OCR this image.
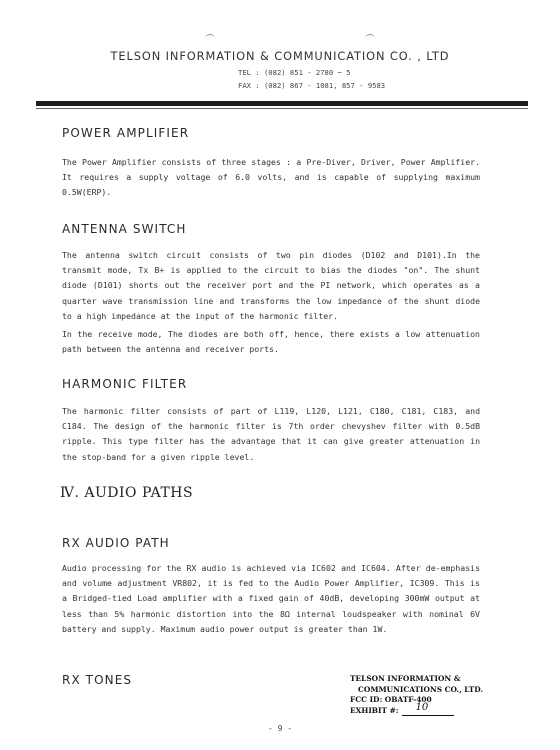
TELSON INFORMATION & COMMUNICATION CO. , LTD
TEL : (082) 851 - 2780 ~ 5
FAX : (082) 867 - 1081, 857 - 9583
POWER AMPLIFIER
The Power Amplifier consists of three stages : a Pre-Diver, Driver, Power Amplifier. It requires a supply voltage of 6.0 volts, and is capable of supplying maximum 0.5W(ERP).
ANTENNA SWITCH
The antenna switch circuit consists of two pin diodes (D102 and D101).In the transmit mode, Tx B+ is applied to the circuit to bias the diodes "on". The shunt diode (D101) shorts out the receiver port and the PI network, which operates as a quarter wave transmission line and transforms the low impedance of the shunt diode to a high impedance at the input of the harmonic filter.
In the receive mode, The diodes are both off, hence, there exists a low attenuation path between the antenna and receiver ports.
HARMONIC FILTER
The harmonic filter consists of part of L119, L120, L121, C180, C181, C183, and C184. The design of the harmonic filter is 7th order chevyshev filter with 0.5dB ripple. This type filter has the advantage that it can give greater attenuation in the stop-band for a given ripple level.
Ⅳ. AUDIO PATHS
RX AUDIO PATH
Audio processing for the RX audio is achieved via IC602 and IC604. After de-emphasis and volume adjustment VR802, it is fed to the Audio Power Amplifier, IC309. This is a Bridged-tied Load amplifier with a fixed gain of 40dB, developing 300mW output at less than 5% harmonic distortion into the 8Ω internal loudspeaker with nominal 6V battery and supply. Maximum audio power output is greater than 1W.
RX TONES	TELSON INFORMATION &
COMMUNICATIONS CO., LTD.
FCC ID: OBATF-400
EXHIBIT #: 10
- 9 -
